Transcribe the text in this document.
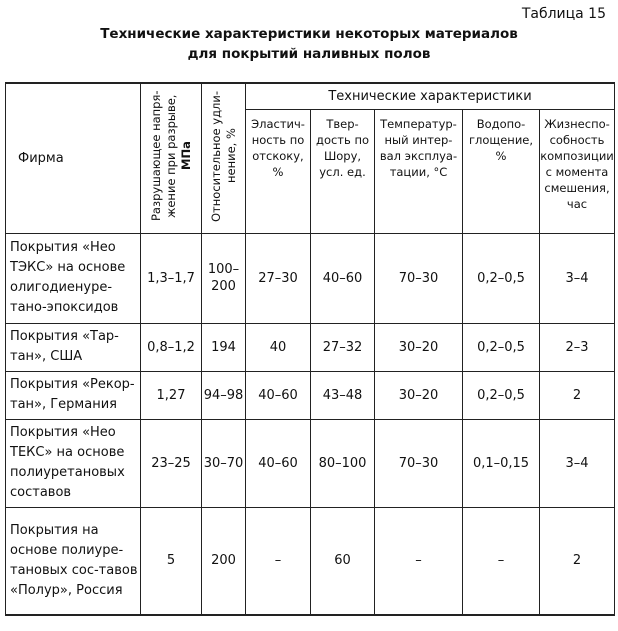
Таблица 15
Технические характеристики некоторых материалов
для покрытий наливных полов
Фирма	Разрушающее напря-жение при разрыве, МПа	Относительное удли-нение, %	Технические характеристики				
			Эластич-ность по отскоку, %	Твер-дость по Шору, усл. ед.	Температур-ный интер-вал эксплуа-тации, °С	Водопо-глощение, %	Жизнеспо-собность композиции с момента смешения, час
Покрытия «Нео ТЭКС» на основе олигодиенуре-тано-эпоксидов	1,3–1,7	100–200	27–30	40–60	70–30	0,2–0,5	3–4
Покрытия «Тар-тан», США	0,8–1,2	194	40	27–32	30–20	0,2–0,5	2–3
Покрытия «Рекор-тан», Германия	1,27	94–98	40–60	43–48	30–20	0,2–0,5	2
Покрытия «Нео ТЕКС» на основе полиуретановых составов	23–25	30–70	40–60	80–100	70–30	0,1–0,15	3–4
Покрытия на основе полиуре-тановых сос-тавов «Полур», Россия	5	200	–	60	–	–	2
